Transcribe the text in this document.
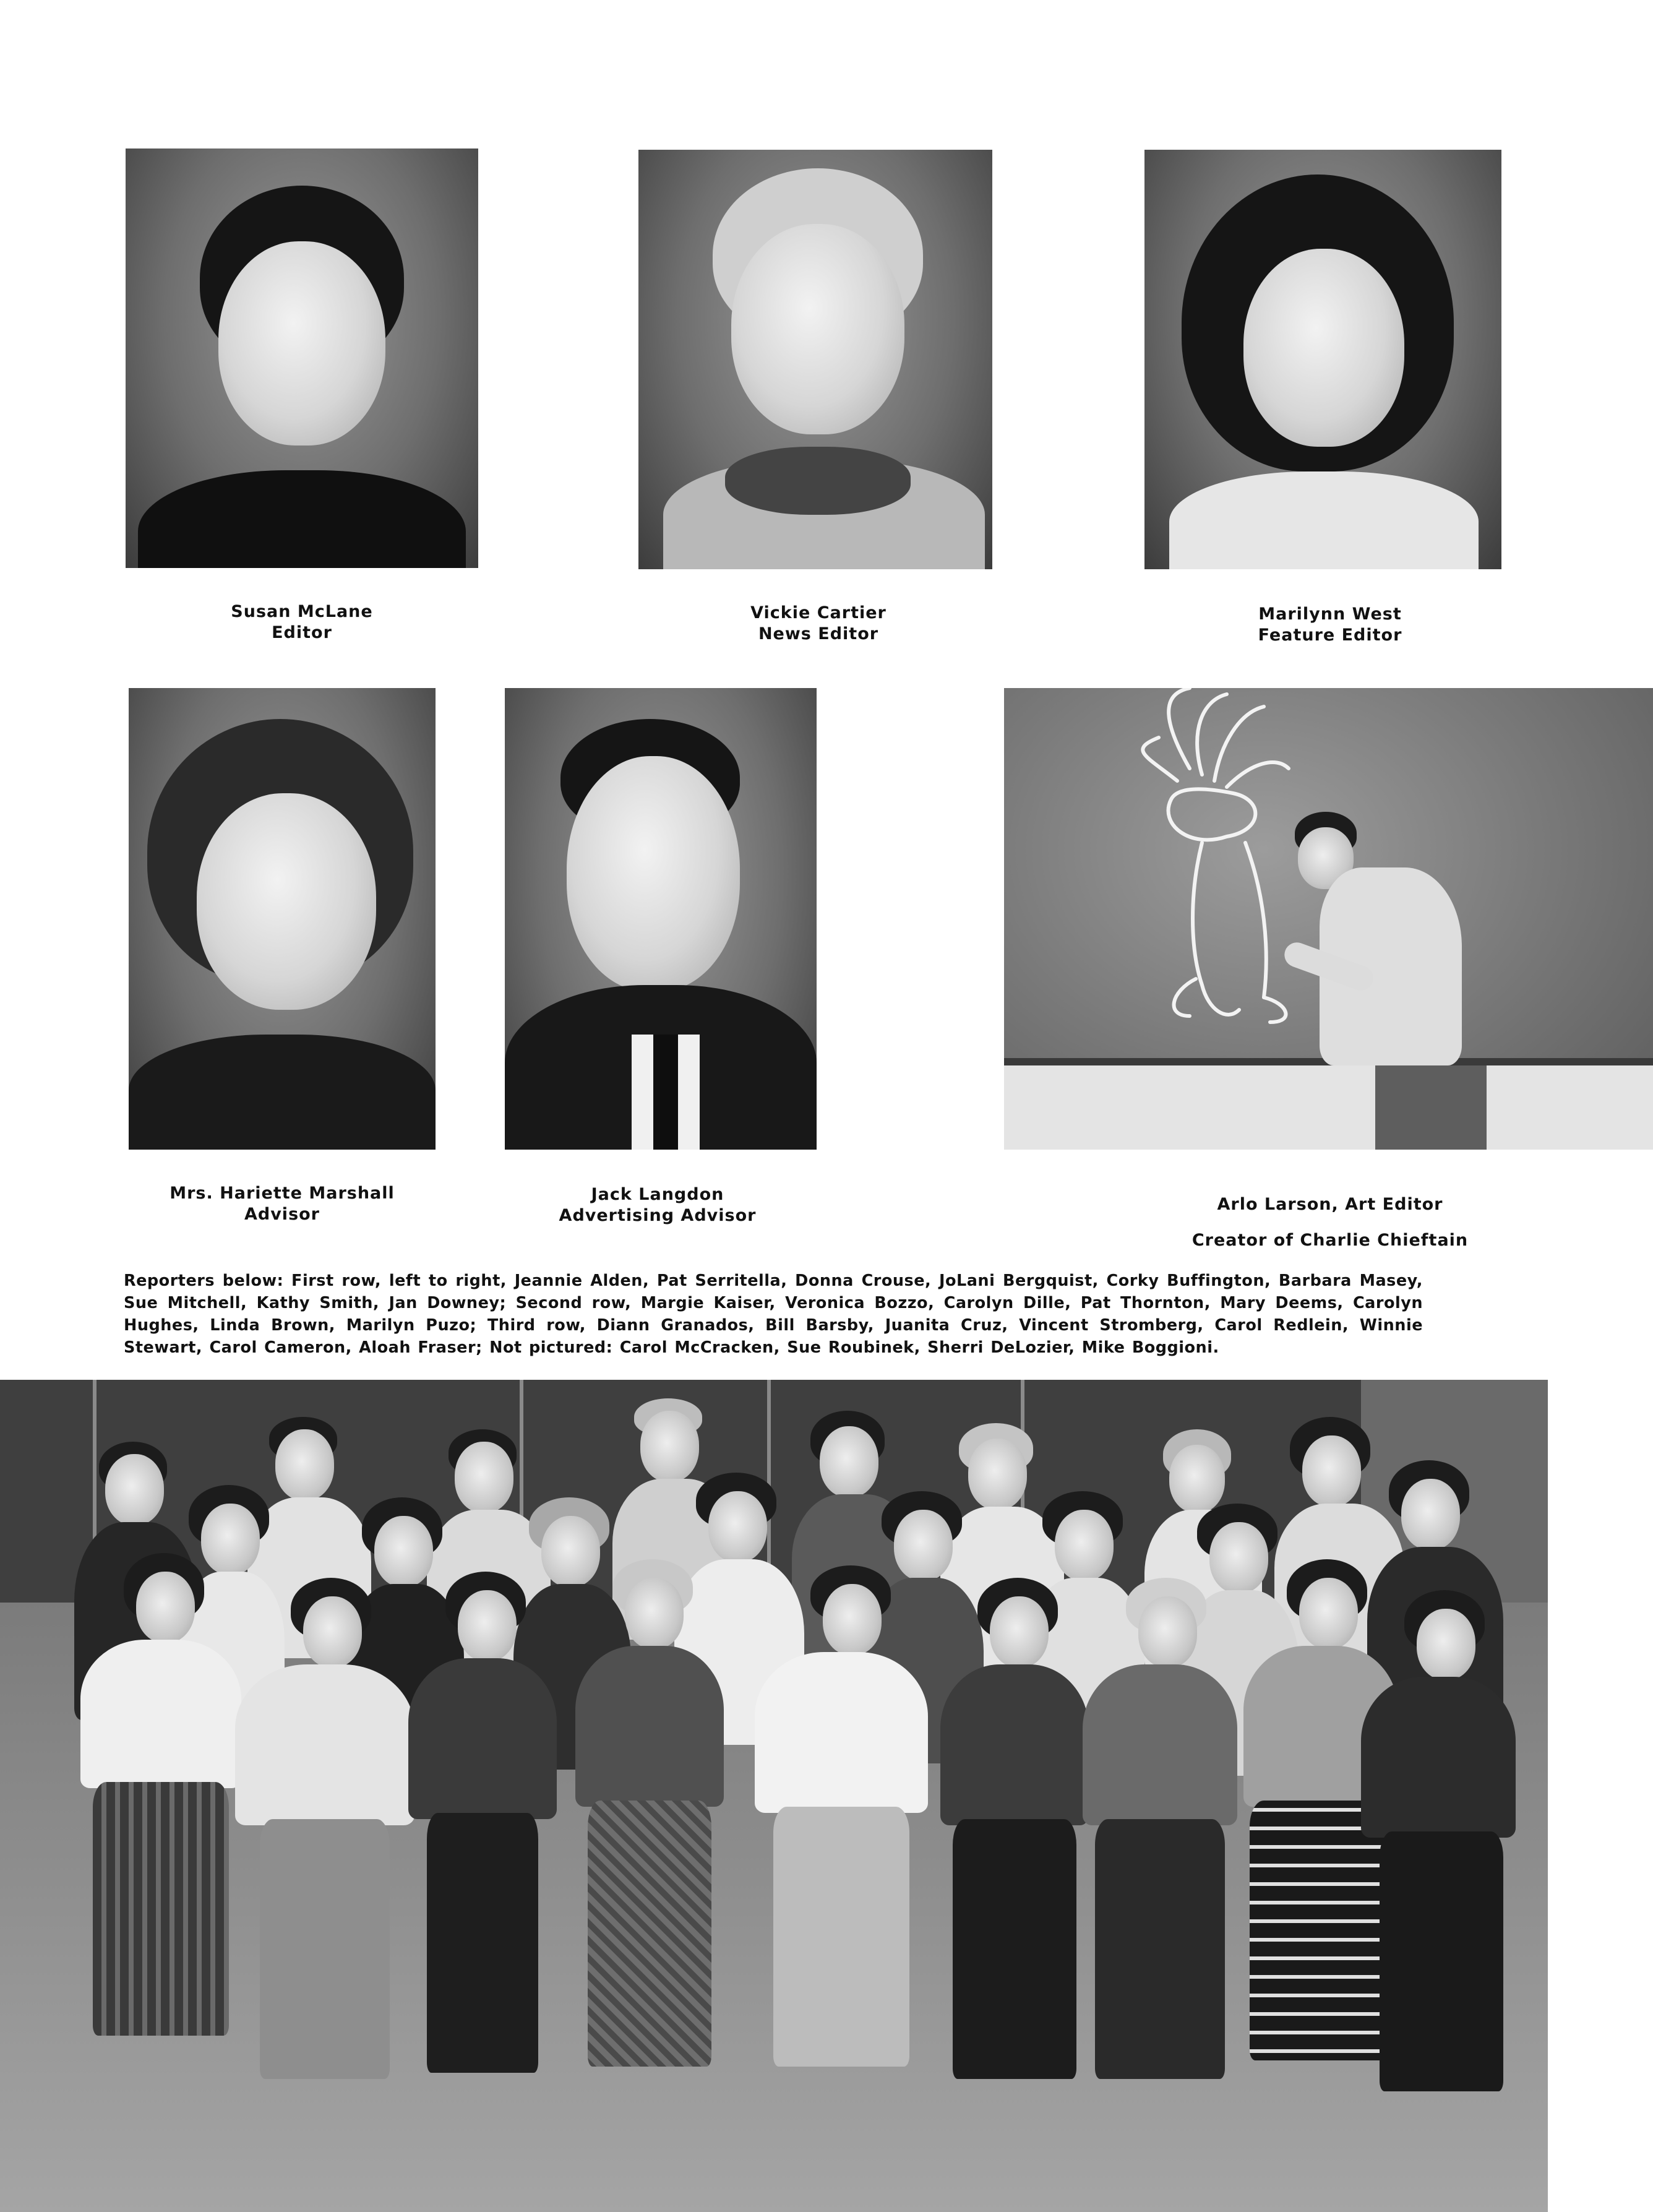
Susan McLane
Editor
Vickie Cartier
News Editor
Marilynn West
Feature Editor
Mrs. Hariette Marshall
Advisor
Jack Langdon
Advertising Advisor
Arlo Larson, Art Editor
Creator of Charlie Chieftain
Reporters below: First row, left to right, Jeannie Alden, Pat Serritella, Donna Crouse, JoLani Bergquist, Corky Buffington, Barbara Masey, Sue Mitchell, Kathy Smith, Jan Downey; Second row, Margie Kaiser, Veronica Bozzo, Carolyn Dille, Pat Thornton, Mary Deems, Carolyn Hughes, Linda Brown, Marilyn Puzo; Third row, Diann Granados, Bill Barsby, Juanita Cruz, Vincent Stromberg, Carol Redlein, Winnie Stewart, Carol Cameron, Aloah Fraser; Not pictured: Carol McCracken, Sue Roubinek, Sherri DeLozier, Mike Boggioni.
